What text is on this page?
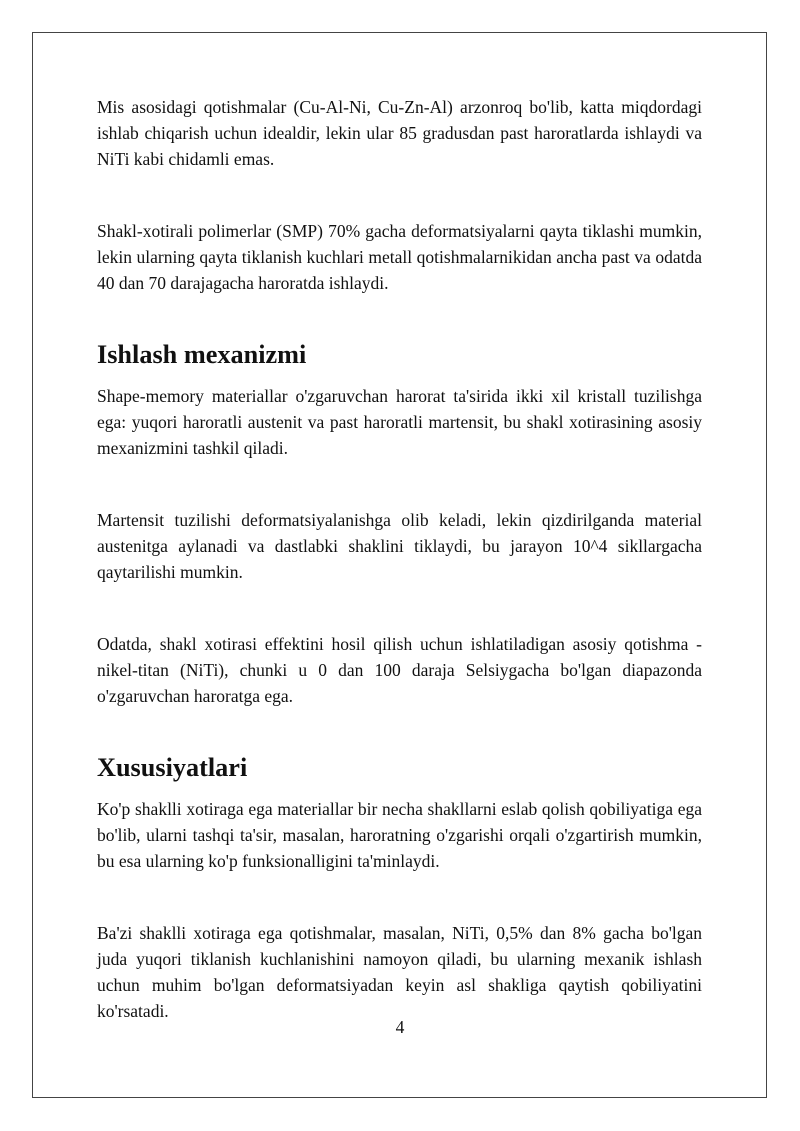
Mis asosidagi qotishmalar (Cu-Al-Ni, Cu-Zn-Al) arzonroq bo'lib, katta miqdordagi ishlab chiqarish uchun idealdir, lekin ular 85 gradusdan past haroratlarda ishlaydi va NiTi kabi chidamli emas.

Shakl-xotirali polimerlar (SMP) 70% gacha deformatsiyalarni qayta tiklashi mumkin, lekin ularning qayta tiklanish kuchlari metall qotishmalarnikidan ancha past va odatda 40 dan 70 darajagacha haroratda ishlaydi.

Ishlash mexanizmi

Shape-memory materiallar o'zgaruvchan harorat ta'sirida ikki xil kristall tuzilishga ega: yuqori haroratli austenit va past haroratli martensit, bu shakl xotirasining asosiy mexanizmini tashkil qiladi.

Martensit tuzilishi deformatsiyalanishga olib keladi, lekin qizdirilganda material austenitga aylanadi va dastlabki shaklini tiklaydi, bu jarayon 10^4 sikllargacha qaytarilishi mumkin.

Odatda, shakl xotirasi effektini hosil qilish uchun ishlatiladigan asosiy qotishma - nikel-titan (NiTi), chunki u 0 dan 100 daraja Selsiygacha bo'lgan diapazonda o'zgaruvchan haroratga ega.

Xususiyatlari

Ko'p shaklli xotiraga ega materiallar bir necha shakllarni eslab qolish qobiliyatiga ega bo'lib, ularni tashqi ta'sir, masalan, haroratning o'zgarishi orqali o'zgartirish mumkin, bu esa ularning ko'p funksionalligini ta'minlaydi.

Ba'zi shaklli xotiraga ega qotishmalar, masalan, NiTi, 0,5% dan 8% gacha bo'lgan juda yuqori tiklanish kuchlanishini namoyon qiladi, bu ularning mexanik ishlash uchun muhim bo'lgan deformatsiyadan keyin asl shakliga qaytish qobiliyatini ko'rsatadi.

4
